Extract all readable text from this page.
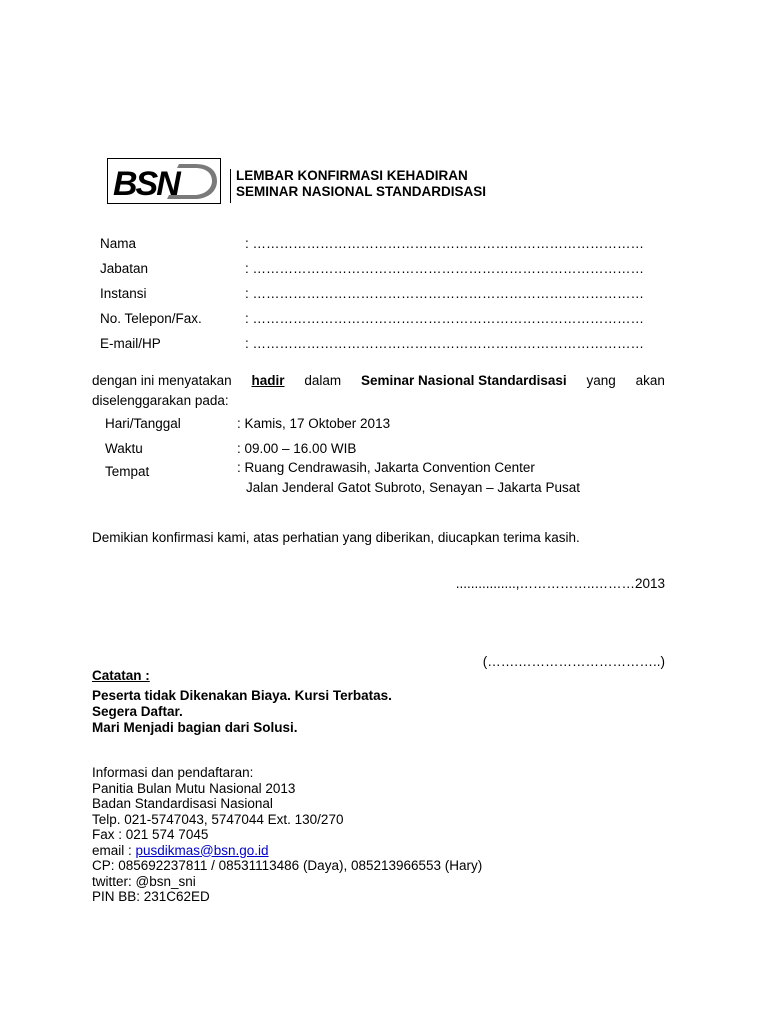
BSN	LEMBAR KONFIRMASI KEHADIRAN
SEMINAR NASIONAL STANDARDISASI
Nama	: ……………………………………………………………………………
Jabatan	: ……………………………………………………………………………
Instansi	: ……………………………………………………………………………
No. Telepon/Fax.	: ……………………………………………………………………………
E-mail/HP	: ……………………………………………………………………………
dengan ini menyatakan hadir dalam Seminar Nasional Standardisasi yang akan
diselenggarakan pada:
Hari/Tanggal	: Kamis, 17 Oktober 2013
Waktu	: 09.00 – 16.00 WIB
Tempat	: Ruang Cendrawasih, Jakarta Convention Center
Jalan Jenderal Gatot Subroto, Senayan – Jakarta Pusat
Demikian konfirmasi kami, atas perhatian yang diberikan, diucapkan terima kasih.
................,……………..………2013
(…….…………………………..)
Catatan :
Peserta tidak Dikenakan Biaya. Kursi Terbatas.
Segera Daftar.
Mari Menjadi bagian dari Solusi.
Informasi dan pendaftaran:
Panitia Bulan Mutu Nasional 2013
Badan Standardisasi Nasional
Telp. 021-5747043, 5747044 Ext. 130/270
Fax : 021 574 7045
email : pusdikmas@bsn.go.id
CP: 085692237811 / 08531113486 (Daya), 085213966553 (Hary)
twitter: @bsn_sni
PIN BB: 231C62ED
